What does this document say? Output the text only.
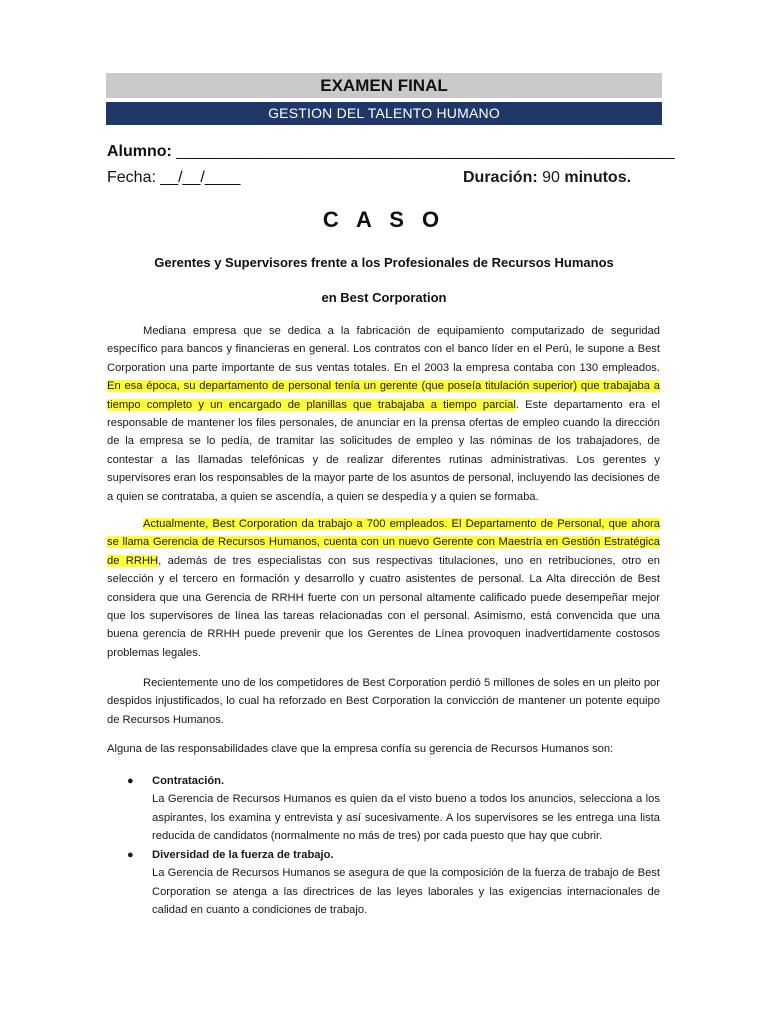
EXAMEN FINAL
GESTION DEL TALENTO HUMANO
Alumno: ________________________________________________________
Fecha: __/__/____	Duración: 90 minutos.
C A S O
Gerentes y Supervisores frente a los Profesionales de Recursos Humanos
en Best Corporation
Mediana empresa que se dedica a la fabricación de equipamiento computarizado de seguridad específico para bancos y financieras en general. Los contratos con el banco líder en el Perú, le supone a Best Corporation una parte importante de sus ventas totales. En el 2003 la empresa contaba con 130 empleados. En esa época, su departamento de personal tenía un gerente (que poseía titulación superior) que trabajaba a tiempo completo y un encargado de planillas que trabajaba a tiempo parcial. Este departamento era el responsable de mantener los files personales, de anunciar en la prensa ofertas de empleo cuando la dirección de la empresa se lo pedía, de tramitar las solicitudes de empleo y las nóminas de los trabajadores, de contestar a las llamadas telefónicas y de realizar diferentes rutinas administrativas. Los gerentes y supervisores eran los responsables de la mayor parte de los asuntos de personal, incluyendo las decisiones de a quien se contrataba, a quien se ascendía, a quien se despedía y a quien se formaba.
Actualmente, Best Corporation da trabajo a 700 empleados. El Departamento de Personal, que ahora se llama Gerencia de Recursos Humanos, cuenta con un nuevo Gerente con Maestría en Gestión Estratégica de RRHH, además de tres especialistas con sus respectivas titulaciones, uno en retribuciones, otro en selección y el tercero en formación y desarrollo y cuatro asistentes de personal. La Alta dirección de Best considera que una Gerencia de RRHH fuerte con un personal altamente calificado puede desempeñar mejor que los supervisores de línea las tareas relacionadas con el personal. Asimismo, está convencida que una buena gerencia de RRHH puede prevenir que los Gerentes de Línea provoquen inadvertidamente costosos problemas legales.
Recientemente uno de los competidores de Best Corporation perdió 5 millones de soles en un pleito por despidos injustificados, lo cual ha reforzado en Best Corporation la convicción de mantener un potente equipo de Recursos Humanos.
Alguna de las responsabilidades clave que la empresa confía su gerencia de Recursos Humanos son:
● Contratación.
La Gerencia de Recursos Humanos es quien da el visto bueno a todos los anuncios, selecciona a los aspirantes, los examina y entrevista y así sucesivamente. A los supervisores se les entrega una lista reducida de candidatos (normalmente no más de tres) por cada puesto que hay que cubrir.
● Diversidad de la fuerza de trabajo.
La Gerencia de Recursos Humanos se asegura de que la composición de la fuerza de trabajo de Best Corporation se atenga a las directrices de las leyes laborales y las exigencias internacionales de calidad en cuanto a condiciones de trabajo.
